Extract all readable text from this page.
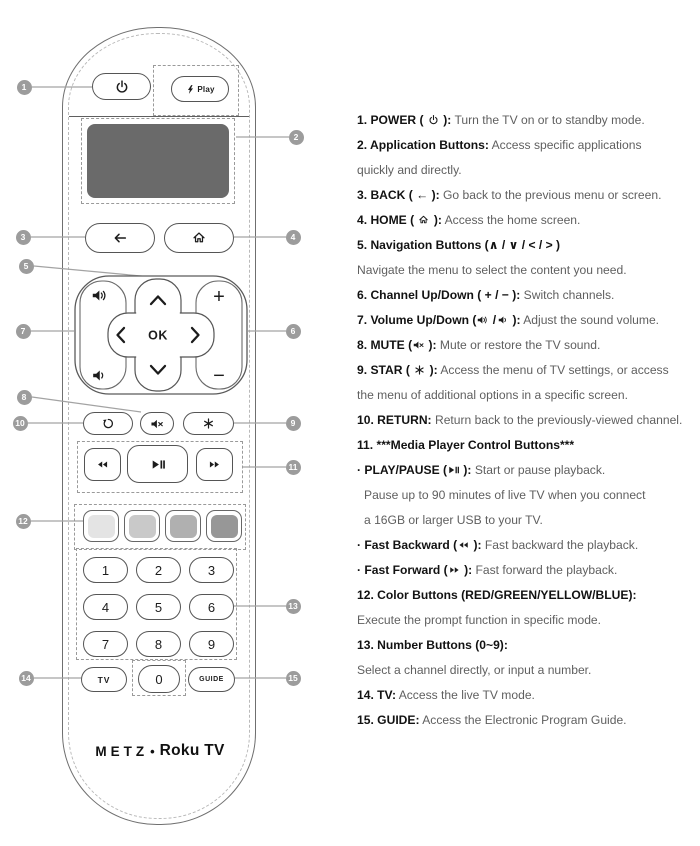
Play
+
−
OK
1	2	3
4	5	6
7	8	9
TV	0	GUIDE
METZ • Roku TV
1
2
3	4
5
6
7
8
9
10
11
12
13
14	15
1. POWER (  ): Turn the TV on or to standby mode.
2. Application Buttons: Access specific applications
quickly and directly.
3. BACK ( ← ): Go back to the previous menu or screen.
4. HOME (  ): Access the home screen.
5. Navigation Buttons (∧ / ∨ / < / > )
Navigate the menu to select the content you need.
6. Channel Up/Down ( + / − ): Switch channels.
7. Volume Up/Down ( / ): Adjust the sound volume.
8. MUTE ( ): Mute or restore the TV sound.
9. STAR (  ): Access the menu of TV settings, or access
the menu of additional options in a specific screen.
10. RETURN: Return back to the previously-viewed channel.
11. ***Media Player Control Buttons***
· PLAY/PAUSE ( ): Start or pause playback.
Pause up to 90 minutes of live TV when you connect
a 16GB or larger USB to your TV.
· Fast Backward ( ): Fast backward the playback.
· Fast Forward ( ): Fast forward the playback.
12. Color Buttons (RED/GREEN/YELLOW/BLUE):
Execute the prompt function in specific mode.
13. Number Buttons (0~9):
Select a channel directly, or input a number.
14. TV: Access the live TV mode.
15. GUIDE: Access the Electronic Program Guide.
